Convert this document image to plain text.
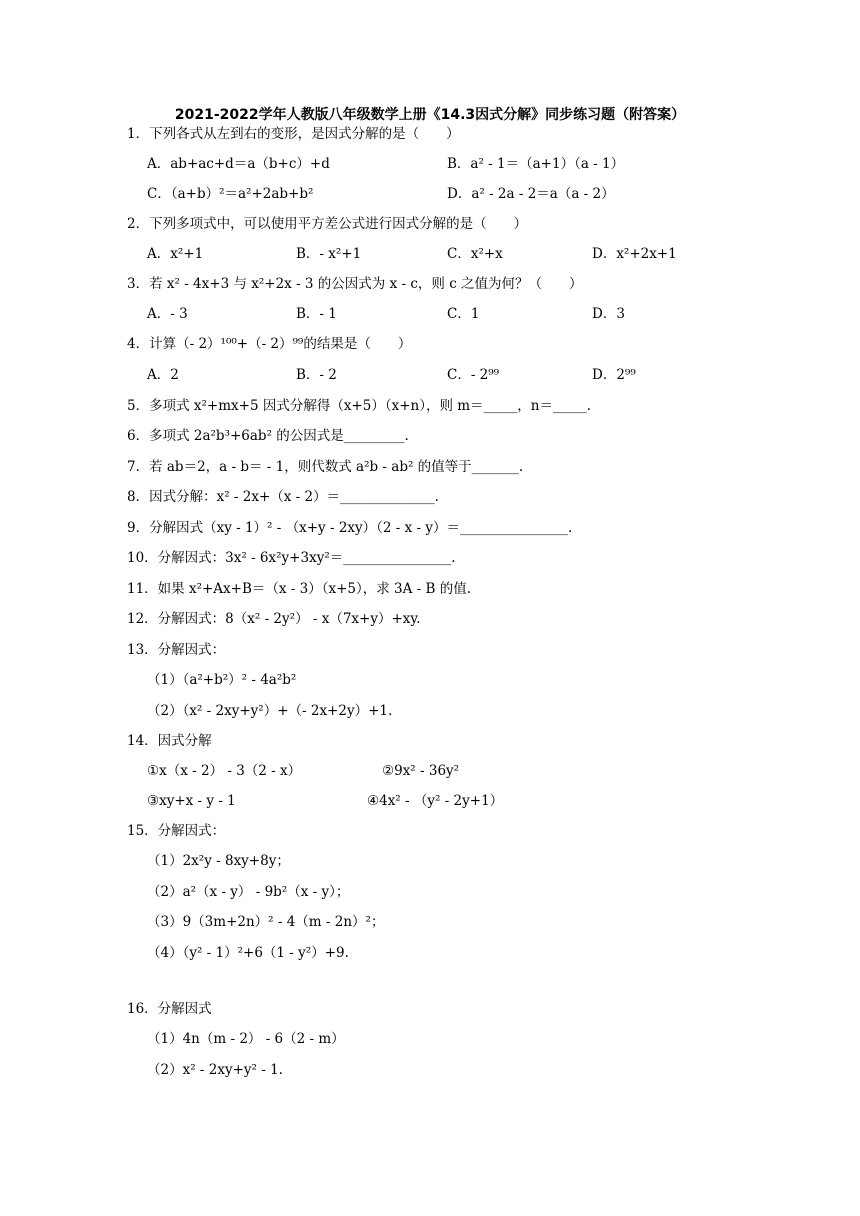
2021-2022学年人教版八年级数学上册《14.3因式分解》同步练习题（附答案）
1．下列各式从左到右的变形，是因式分解的是（　　）
A．ab+ac+d＝a（b+c）+d	B．a² - 1＝（a+1）（a - 1）
C．（a+b）²＝a²+2ab+b²	D．a² - 2a - 2＝a（a - 2）
2．下列多项式中，可以使用平方差公式进行因式分解的是（　　）
A．x²+1	B．- x²+1	C．x²+x	D．x²+2x+1
3．若 x² - 4x+3 与 x²+2x - 3 的公因式为 x - c，则 c 之值为何？（　　）
A．- 3	B．- 1	C．1	D．3
4．计算（- 2）¹⁰⁰+（- 2）⁹⁹的结果是（　　）
A．2	B．- 2	C．- 2⁹⁹	D．2⁹⁹
5．多项式 x²+mx+5 因式分解得（x+5）（x+n），则 m＝_____，n＝_____.
6．多项式 2a²b³+6ab² 的公因式是_________.
7．若 ab＝2，a - b＝ - 1，则代数式 a²b - ab² 的值等于_______.
8．因式分解：x² - 2x+（x - 2）＝______________.
9．分解因式（xy - 1）² - （x+y - 2xy）（2 - x - y）＝________________.
10．分解因式：3x² - 6x²y+3xy²＝________________.
11．如果 x²+Ax+B＝（x - 3）（x+5），求 3A - B 的值.
12．分解因式：8（x² - 2y²） - x（7x+y）+xy.
13．分解因式：
（1）（a²+b²）² - 4a²b²
（2）（x² - 2xy+y²）+（- 2x+2y）+1.
14．因式分解
①x（x - 2） - 3（2 - x）	②9x² - 36y²
③xy+x - y - 1	④4x² - （y² - 2y+1）
15．分解因式：
（1）2x²y - 8xy+8y；
（2）a²（x - y） - 9b²（x - y）；
（3）9（3m+2n）² - 4（m - 2n）²；
（4）（y² - 1）²+6（1 - y²）+9.
16．分解因式
（1）4n（m - 2） - 6（2 - m）
（2）x² - 2xy+y² - 1.
